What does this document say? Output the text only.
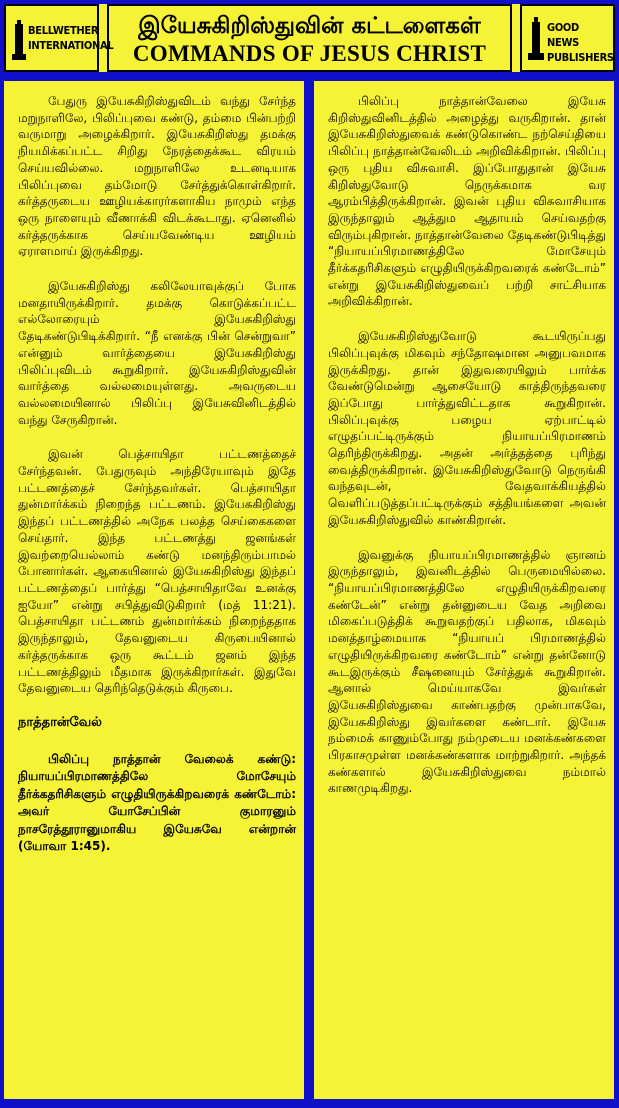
BELLWETHER
INTERNATIONAL
இயேசுகிறிஸ்துவின் கட்டளைகள்
COMMANDS OF JESUS CHRIST
GOOD NEWS
PUBLISHERS

பேதுரு இயேசுகிறிஸ்துவிடம் வந்து சேர்ந்த மறுநாளிலே, பிலிப்புவை கண்டு, தம்மை பின்பற்றி வருமாறு அழைக்கிறார். இயேசுகிறிஸ்து தமக்கு நியமிக்கப்பட்ட சிறிது நேரத்தைக்கூட விரயம் செய்யவில்லை. மறுநாளிலே உடனடியாக பிலிப்புவை தம்மோடு சேர்த்துக்கொள்கிறார். கர்த்தருடைய ஊழியக்காரர்களாகிய நாமும் எந்த ஒரு நாளையும் வீணாக்கி விடக்கூடாது. ஏனெனில் கர்த்தருக்காக செய்யவேண்டிய ஊழியம் ஏராளமாய் இருக்கிறது.

இயேசுகிறிஸ்து கலிலேயாவுக்குப் போக மனதாயிருக்கிறார். தமக்கு கொடுக்கப்பட்ட எல்லோரையும் இயேசுகிறிஸ்து தேடிகண்டுபிடிக்கிறார். “நீ எனக்கு பின் சென்றுவா” என்னும் வார்த்தையை இயேசுகிறிஸ்து பிலிப்புவிடம் கூறுகிறார். இயேசுகிறிஸ்துவின் வார்த்தை வல்லமையுள்ளது. அவருடைய வல்லமையினால் பிலிப்பு இயேசுவினிடத்தில் வந்து சேருகிறான்.

இவன் பெத்சாயிதா பட்டணத்தைச் சேர்ந்தவன். பேதுருவும் அந்திரேயாவும் இதே பட்டணத்தைச் சேர்ந்தவர்கள். பெத்சாயிதா துன்மார்க்கம் நிறைந்த பட்டணம். இயேசுகிறிஸ்து இந்தப் பட்டணத்தில் அநேக பலத்த செய்கைகளை செய்தார். இந்த பட்டணத்து ஜனங்கள் இவற்றையெல்லாம் கண்டு மனந்திரும்பாமல் போனார்கள். ஆகையினால் இயேசுகிறிஸ்து இந்தப் பட்டணத்தைப் பார்த்து “பெத்சாயிதாவே உனக்கு ஐயோ” என்று சபித்துவிடுகிறார் (மத் 11:21). பெத்சாயிதா பட்டணம் துன்மார்க்கம் நிறைந்ததாக இருந்தாலும், தேவனுடைய கிருபையினால் கர்த்தருக்காக ஒரு கூட்டம் ஜனம் இந்த பட்டணத்திலும் மீதமாக இருக்கிறார்கள். இதுவே தேவனுடைய தெரிந்தெடுக்கும் கிருபை.

நாத்தான்வேல்

பிலிப்பு நாத்தான் வேலைக் கண்டு: நியாயப்பிரமாணத்திலே மோசேயும் தீர்க்கதரிசிகளும் எழுதியிருக்கிறவரைக் கண்டோம்: அவர் யோசேப்பின் குமாரனும் நாசரேத்தூரானுமாகிய இயேசுவே என்றான் (யோவா 1:45).

பிலிப்பு நாத்தான்வேலை இயேசு கிறிஸ்துவினிடத்தில் அழைத்து வருகிறான். தான் இயேசுகிறிஸ்துவைக் கண்டுகொண்ட நற்செய்தியை பிலிப்பு நாத்தான்வேலிடம் அறிவிக்கிறான். பிலிப்பு ஒரு புதிய விசுவாசி. இப்போதுதான் இயேசு கிறிஸ்துவோடு நெருக்கமாக வர ஆரம்பித்திருக்கிறான். இவன் புதிய விசுவாசியாக இருந்தாலும் ஆத்தும ஆதாயம் செய்வதற்கு விரும்புகிறான். நாத்தான்வேலை தேடிகண்டுபிடித்து “நியாயப்பிரமாணத்திலே மோசேயும் தீர்க்கதரிசிகளும் எழுதியிருக்கிறவரைக் கண்டோம்” என்று இயேசுகிறிஸ்துவைப் பற்றி சாட்சியாக அறிவிக்கிறான்.

இயேசுகிறிஸ்துவோடு கூடயிருப்பது பிலிப்புவுக்கு மிகவும் சந்தோஷமான அனுபவமாக இருக்கிறது. தான் இதுவரையிலும் பார்க்க வேண்டுமென்று ஆசையோடு காத்திருந்தவரை இப்போது பார்த்துவிட்டதாக கூறுகிறான். பிலிப்புவுக்கு பழைய ஏற்பாட்டில் எழுதப்பட்டிருக்கும் நியாயப்பிரமாணம் தெரிந்திருக்கிறது. அதன் அர்த்தத்தை புரிந்து வைத்திருக்கிறான். இயேசுகிறிஸ்துவோடு நெருங்கி வந்தவுடன், வேதவாக்கியத்தில் வெளிப்படுத்தப்பட்டிருக்கும் சத்தியங்களை அவன் இயேசுகிறிஸ்துவில் காண்கிறான்.

இவனுக்கு நியாயப்பிரமாணத்தில் ஞானம் இருந்தாலும், இவனிடத்தில் பெருமையில்லை. “நியாயப்பிரமாணத்திலே எழுதியிருக்கிறவரை கண்டேன்” என்று தன்னுடைய வேத அறிவை மிகைப்படுத்திக் கூறுவதற்குப் பதிலாக, மிகவும் மனத்தாழ்மையாக “நியாயப் பிரமாணத்தில் எழுதியிருக்கிறவரை கண்டோம்” என்று தன்னோடு கூடஇருக்கும் சீஷனையும் சேர்த்துக் கூறுகிறான். ஆனால் மெய்யாகவே இவர்கள் இயேசுகிறிஸ்துவை காண்பதற்கு முன்பாகவே, இயேசுகிறிஸ்து இவர்களை கண்டார். இயேசு நம்மைக் காணும்போது நம்முடைய மனக்கண்களை பிரகாசமுள்ள மனக்கண்களாக மாற்றுகிறார். அந்தக் கண்களால் இயேசுகிறிஸ்துவை நம்மால் காணமுடிகிறது.
